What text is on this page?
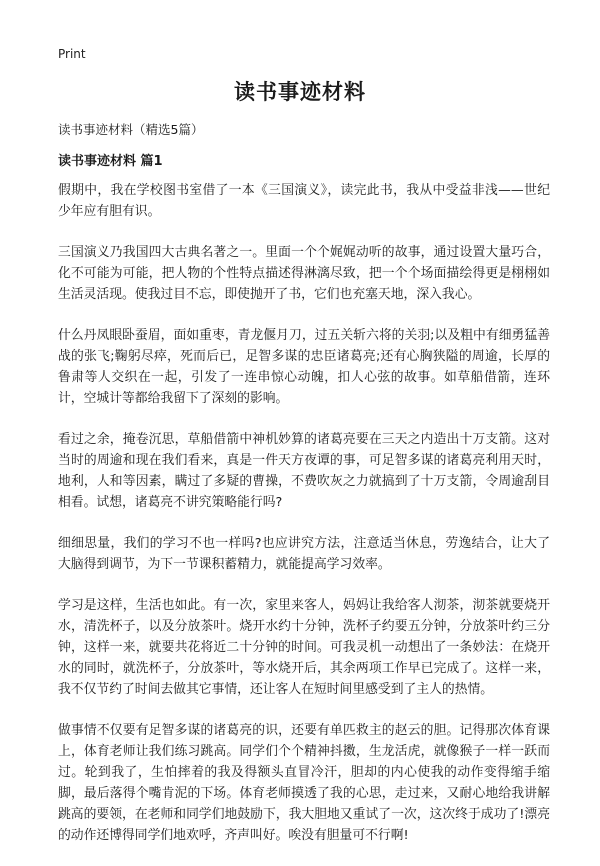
Print
读书事迹材料
读书事迹材料（精选5篇）
读书事迹材料 篇1

假期中，我在学校图书室借了一本《三国演义》，读完此书，我从中受益非浅——世纪少年应有胆有识。

三国演义乃我国四大古典名著之一。里面一个个娓娓动听的故事，通过设置大量巧合，化不可能为可能，把人物的个性特点描述得淋漓尽致，把一个个场面描绘得更是栩栩如生活灵活现。使我过目不忘，即使抛开了书，它们也充塞天地，深入我心。

什么丹凤眼卧蚕眉，面如重枣，青龙偃月刀，过五关斩六将的关羽;以及粗中有细勇猛善战的张飞;鞠躬尽瘁，死而后已，足智多谋的忠臣诸葛亮;还有心胸狭隘的周逾，长厚的鲁肃等人交织在一起，引发了一连串惊心动魄，扣人心弦的故事。如草船借箭，连环计，空城计等都给我留下了深刻的影响。

看过之余，掩卷沉思，草船借箭中神机妙算的诸葛亮要在三天之内造出十万支箭。这对当时的周逾和现在我们看来，真是一件天方夜谭的事，可足智多谋的诸葛亮利用天时，地利，人和等因素，瞒过了多疑的曹操，不费吹灰之力就搞到了十万支箭，令周逾刮目相看。试想，诸葛亮不讲究策略能行吗?

细细思量，我们的学习不也一样吗?也应讲究方法，注意适当休息，劳逸结合，让大了大脑得到调节，为下一节课积蓄精力，就能提高学习效率。

学习是这样，生活也如此。有一次，家里来客人，妈妈让我给客人沏茶，沏茶就要烧开水，清洗杯子，以及分放茶叶。烧开水约十分钟，洗杯子约要五分钟，分放茶叶约三分钟，这样一来，就要共花将近二十分钟的时间。可我灵机一动想出了一条妙法：在烧开水的同时，就洗杯子，分放茶叶，等水烧开后，其余两项工作早已完成了。这样一来，我不仅节约了时间去做其它事情，还让客人在短时间里感受到了主人的热情。

做事情不仅要有足智多谋的诸葛亮的识，还要有单匹救主的赵云的胆。记得那次体育课上，体育老师让我们练习跳高。同学们个个精神抖擞，生龙活虎，就像猴子一样一跃而过。轮到我了，生怕摔着的我及得额头直冒冷汗，胆却的内心使我的动作变得缩手缩脚，最后落得个嘴肯泥的下场。体育老师摸透了我的心思，走过来，又耐心地给我讲解跳高的要领，在老师和同学们地鼓励下，我大胆地又重试了一次，这次终于成功了!漂亮的动作还博得同学们地欢呼，齐声叫好。唉没有胆量可不行啊!
